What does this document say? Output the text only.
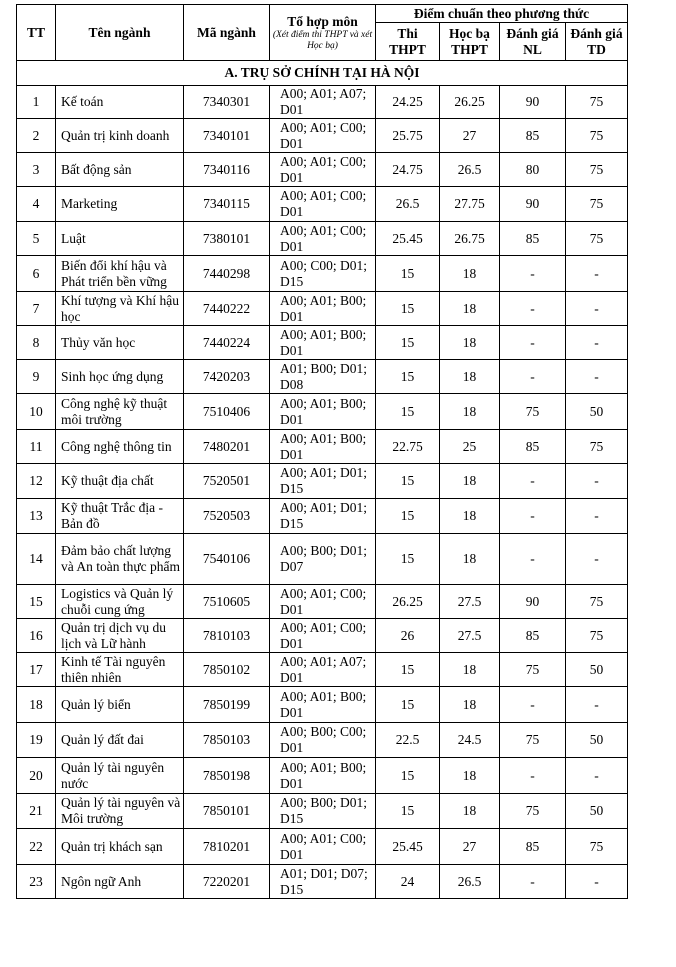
TT	Tên ngành	Mã ngành	Tổ hợp môn
(Xét điểm thi THPT và xét Học bạ)	Điểm chuẩn theo phương thức			
				Thi THPT	Học bạ THPT	Đánh giá NL	Đánh giá TD
A. TRỤ SỞ CHÍNH TẠI HÀ NỘI							
1	Kế toán	7340301	A00; A01; A07; D01	24.25	26.25	90	75
2	Quản trị kinh doanh	7340101	A00; A01; C00; D01	25.75	27	85	75
3	Bất động sản	7340116	A00; A01; C00; D01	24.75	26.5	80	75
4	Marketing	7340115	A00; A01; C00; D01	26.5	27.75	90	75
5	Luật	7380101	A00; A01; C00; D01	25.45	26.75	85	75
6	Biến đổi khí hậu và Phát triển bền vững	7440298	A00; C00; D01; D15	15	18	-	-
7	Khí tượng và Khí hậu học	7440222	A00; A01; B00; D01	15	18	-	-
8	Thủy văn học	7440224	A00; A01; B00; D01	15	18	-	-
9	Sinh học ứng dụng	7420203	A01; B00; D01; D08	15	18	-	-
10	Công nghệ kỹ thuật môi trường	7510406	A00; A01; B00; D01	15	18	75	50
11	Công nghệ thông tin	7480201	A00; A01; B00; D01	22.75	25	85	75
12	Kỹ thuật địa chất	7520501	A00; A01; D01; D15	15	18	-	-
13	Kỹ thuật Trắc địa - Bản đồ	7520503	A00; A01; D01; D15	15	18	-	-
14	Đảm bảo chất lượng và An toàn thực phẩm	7540106	A00; B00; D01; D07	15	18	-	-
15	Logistics và Quản lý chuỗi cung ứng	7510605	A00; A01; C00; D01	26.25	27.5	90	75
16	Quản trị dịch vụ du lịch và Lữ hành	7810103	A00; A01; C00; D01	26	27.5	85	75
17	Kinh tế Tài nguyên thiên nhiên	7850102	A00; A01; A07; D01	15	18	75	50
18	Quản lý biển	7850199	A00; A01; B00; D01	15	18	-	-
19	Quản lý đất đai	7850103	A00; B00; C00; D01	22.5	24.5	75	50
20	Quản lý tài nguyên nước	7850198	A00; A01; B00; D01	15	18	-	-
21	Quản lý tài nguyên và Môi trường	7850101	A00; B00; D01; D15	15	18	75	50
22	Quản trị khách sạn	7810201	A00; A01; C00; D01	25.45	27	85	75
23	Ngôn ngữ Anh	7220201	A01; D01; D07; D15	24	26.5	-	-
